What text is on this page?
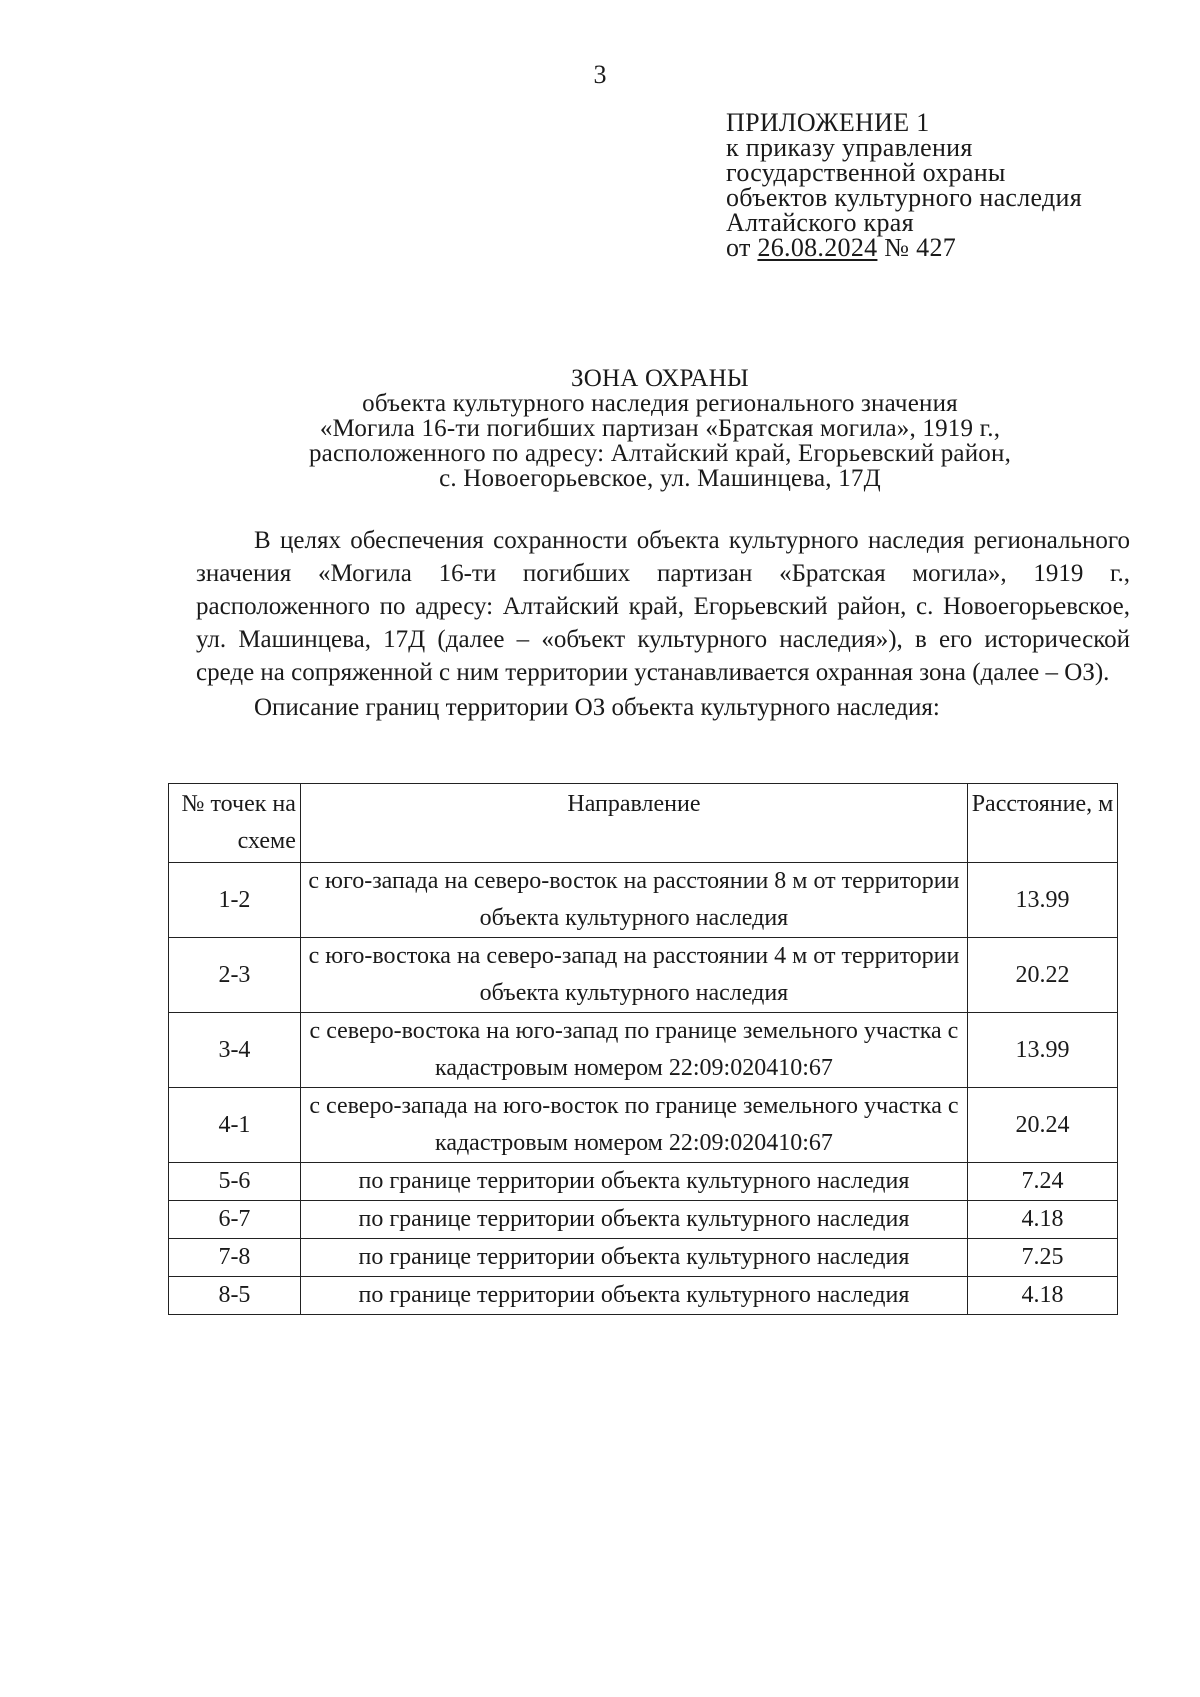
3
ПРИЛОЖЕНИЕ 1
к приказу управления
государственной охраны
объектов культурного наследия
Алтайского края
от 26.08.2024 № 427
ЗОНА ОХРАНЫ
объекта культурного наследия регионального значения
«Могила 16-ти погибших партизан «Братская могила», 1919 г.,
расположенного по адресу: Алтайский край, Егорьевский район,
с. Новоегорьевское, ул. Машинцева, 17Д

В целях обеспечения сохранности объекта культурного наследия регионального значения «Могила 16-ти погибших партизан «Братская могила», 1919 г., расположенного по адресу: Алтайский край, Егорьевский район, с. Новоегорьевское, ул. Машинцева, 17Д (далее – «объект культурного наследия»), в его исторической среде на сопряженной с ним территории устанавливается охранная зона (далее – ОЗ).

Описание границ территории ОЗ объекта культурного наследия:

№ точек на схеме	Направление	Расстояние, м
1-2	с юго-запада на северо-восток на расстоянии 8 м от территории объекта культурного наследия	13.99
2-3	с юго-востока на северо-запад на расстоянии 4 м от территории объекта культурного наследия	20.22
3-4	с северо-востока на юго-запад по границе земельного участка с кадастровым номером 22:09:020410:67	13.99
4-1	с северо-запада на юго-восток по границе земельного участка с кадастровым номером 22:09:020410:67	20.24
5-6	по границе территории объекта культурного наследия	7.24
6-7	по границе территории объекта культурного наследия	4.18
7-8	по границе территории объекта культурного наследия	7.25
8-5	по границе территории объекта культурного наследия	4.18
